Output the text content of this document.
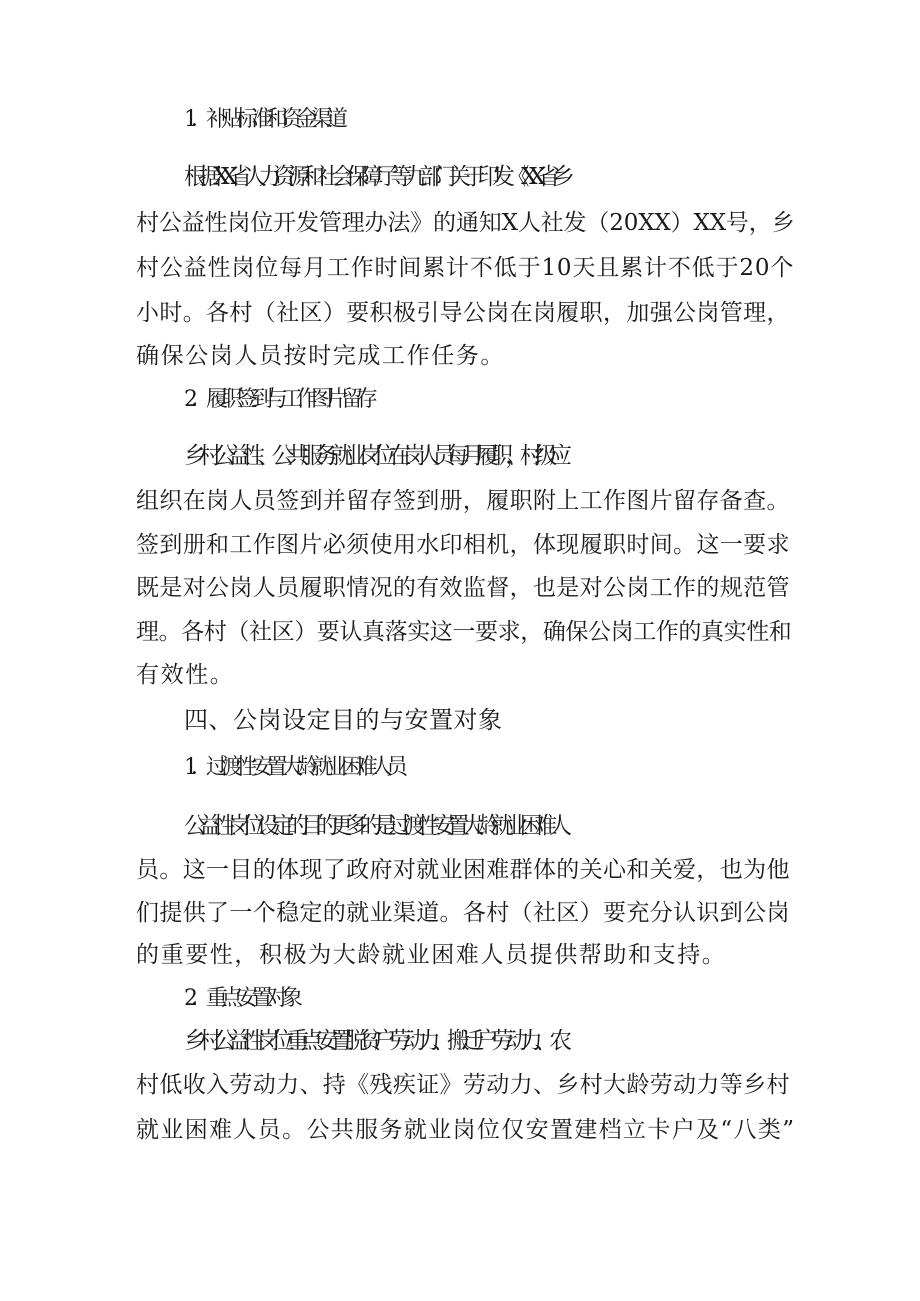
1．补贴标准和资金渠道
根据XX省人力资源和社会保障厅等九部门关于印发《XX省乡
村公益性岗位开发管理办法》的通知X人社发（20XX）XX号，乡
村公益性岗位每月工作时间累计不低于10天且累计不低于20个
小时。各村（社区）要积极引导公岗在岗履职，加强公岗管理，
确保公岗人员按时完成工作任务。
2．履职签到与工作图片留存
乡村公益性、公共服务就业岗位在岗人员每月履职，村级应
组织在岗人员签到并留存签到册，履职附上工作图片留存备查。
签到册和工作图片必须使用水印相机，体现履职时间。这一要求
既是对公岗人员履职情况的有效监督，也是对公岗工作的规范管
理。各村（社区）要认真落实这一要求，确保公岗工作的真实性和
有效性。
四、公岗设定目的与安置对象
1．过渡性安置大龄就业困难人员
公益性岗位设定的目的更多的是过渡性安置大龄就业困难人
员。这一目的体现了政府对就业困难群体的关心和关爱，也为他
们提供了一个稳定的就业渠道。各村（社区）要充分认识到公岗
的重要性，积极为大龄就业困难人员提供帮助和支持。
2．重点安置对象
乡村公益性岗位重点安置脱贫户劳动力、搬迁户劳动力、农
村低收入劳动力、持《残疾证》劳动力、乡村大龄劳动力等乡村
就业困难人员。公共服务就业岗位仅安置建档立卡户及“八类”
